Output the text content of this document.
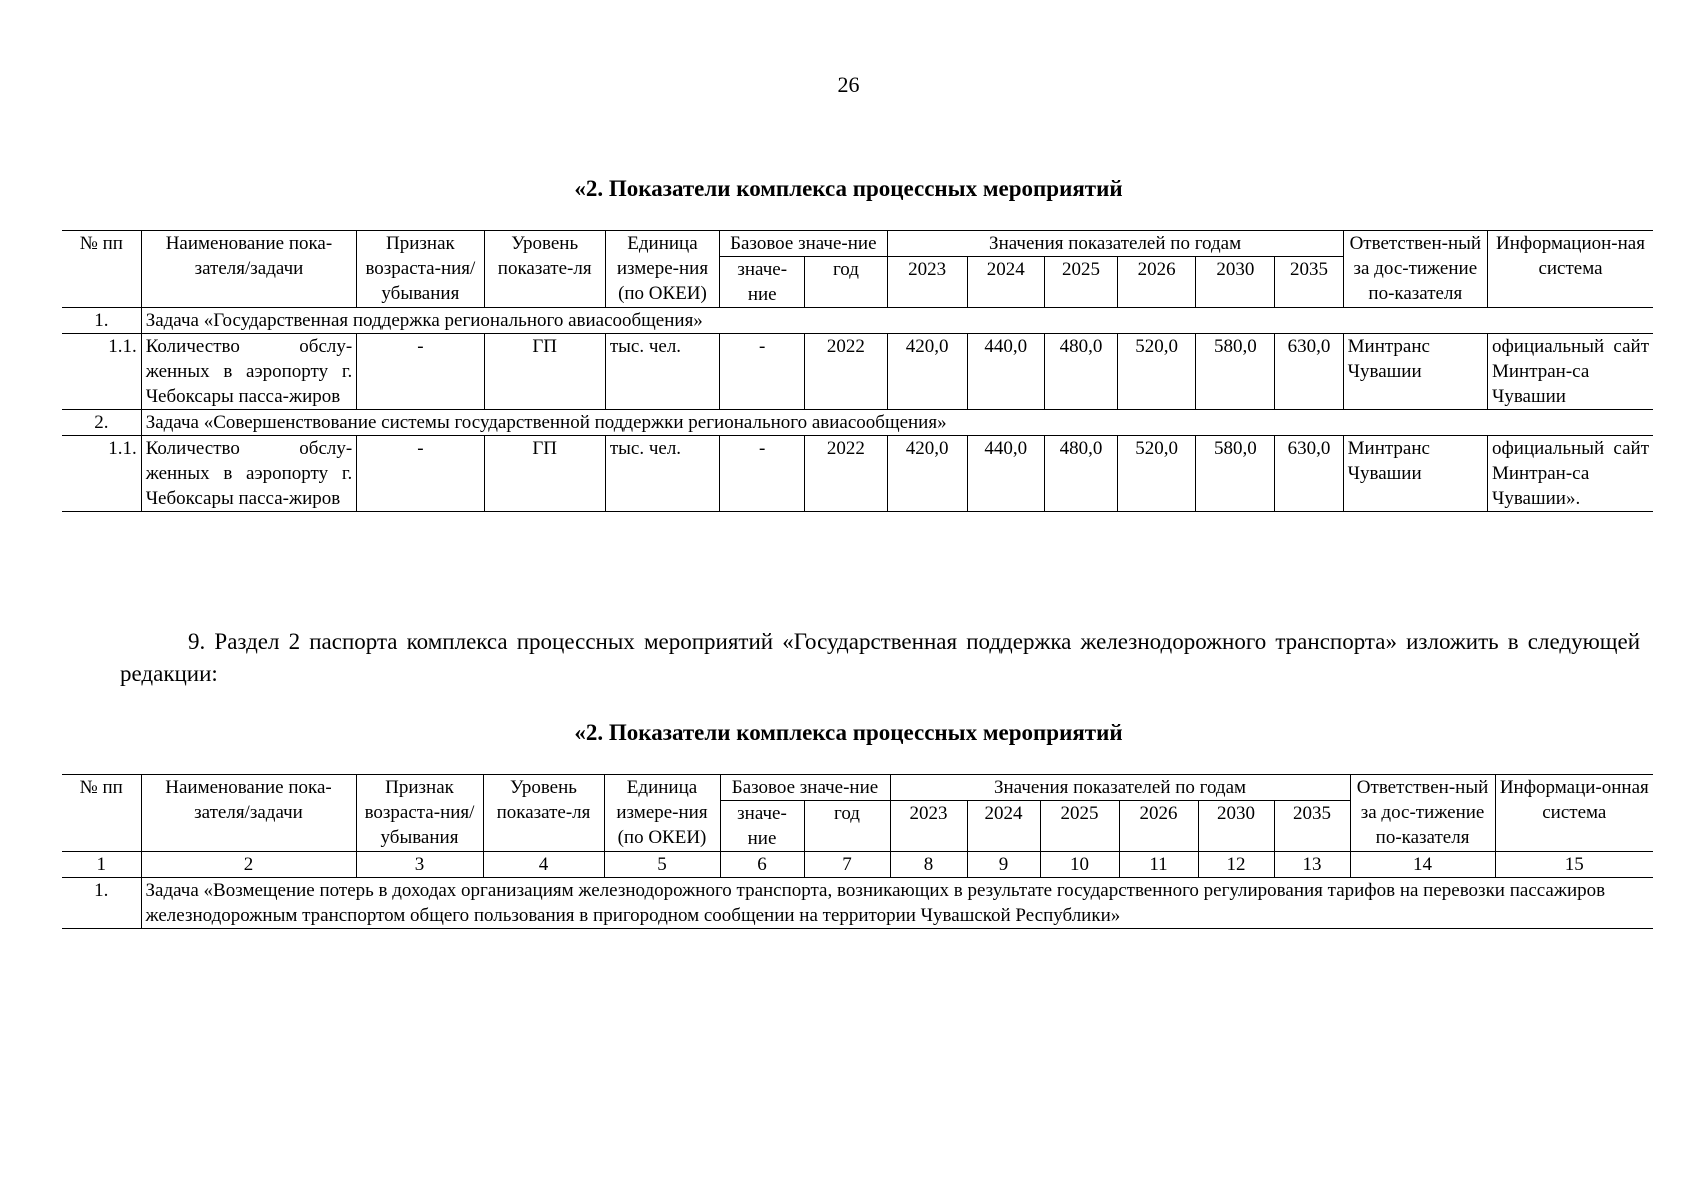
26
«2. Показатели комплекса процессных мероприятий
№ пп	Наименование пока-зателя/задачи	Признак возраста-ния/убывания	Уровень показате-ля	Единица измере-ния (по ОКЕИ)	Базовое значе-ние		Значения показателей по годам						Ответствен-ный за дос-тижение по-казателя	Информацион-ная система
					значе-ние	год	2023	2024	2025	2026	2030	2035		
1.	Задача «Государственная поддержка регионального авиасообщения»													
1.1.	Количество обслу-женных в аэропорту г. Чебоксары пасса-жиров	-	ГП	тыс. чел.	-	2022	420,0	440,0	480,0	520,0	580,0	630,0	Минтранс Чувашии	официальный сайт Минтран-са Чувашии
2.	Задача «Совершенствование системы государственной поддержки регионального авиасообщения»													
1.1.	Количество обслу-женных в аэропорту г. Чебоксары пасса-жиров	-	ГП	тыс. чел.	-	2022	420,0	440,0	480,0	520,0	580,0	630,0	Минтранс Чувашии	официальный сайт Минтран-са Чувашии».
9. Раздел 2 паспорта комплекса процессных мероприятий «Государственная поддержка железнодорожного транспорта» изложить в следующей редакции:
«2. Показатели комплекса процессных мероприятий
№ пп	Наименование пока-зателя/задачи	Признак возраста-ния/убывания	Уровень показате-ля	Единица измере-ния (по ОКЕИ)	Базовое значе-ние		Значения показателей по годам						Ответствен-ный за дос-тижение по-казателя	Информаци-онная система
					значе-ние	год	2023	2024	2025	2026	2030	2035		
1	2	3	4	5	6	7	8	9	10	11	12	13	14	15
1.	Задача «Возмещение потерь в доходах организациям железнодорожного транспорта, возникающих в результате государственного регулирования тарифов на перевозки пассажиров железнодорожным транспортом общего пользования в пригородном сообщении на территории Чувашской Республики»													
